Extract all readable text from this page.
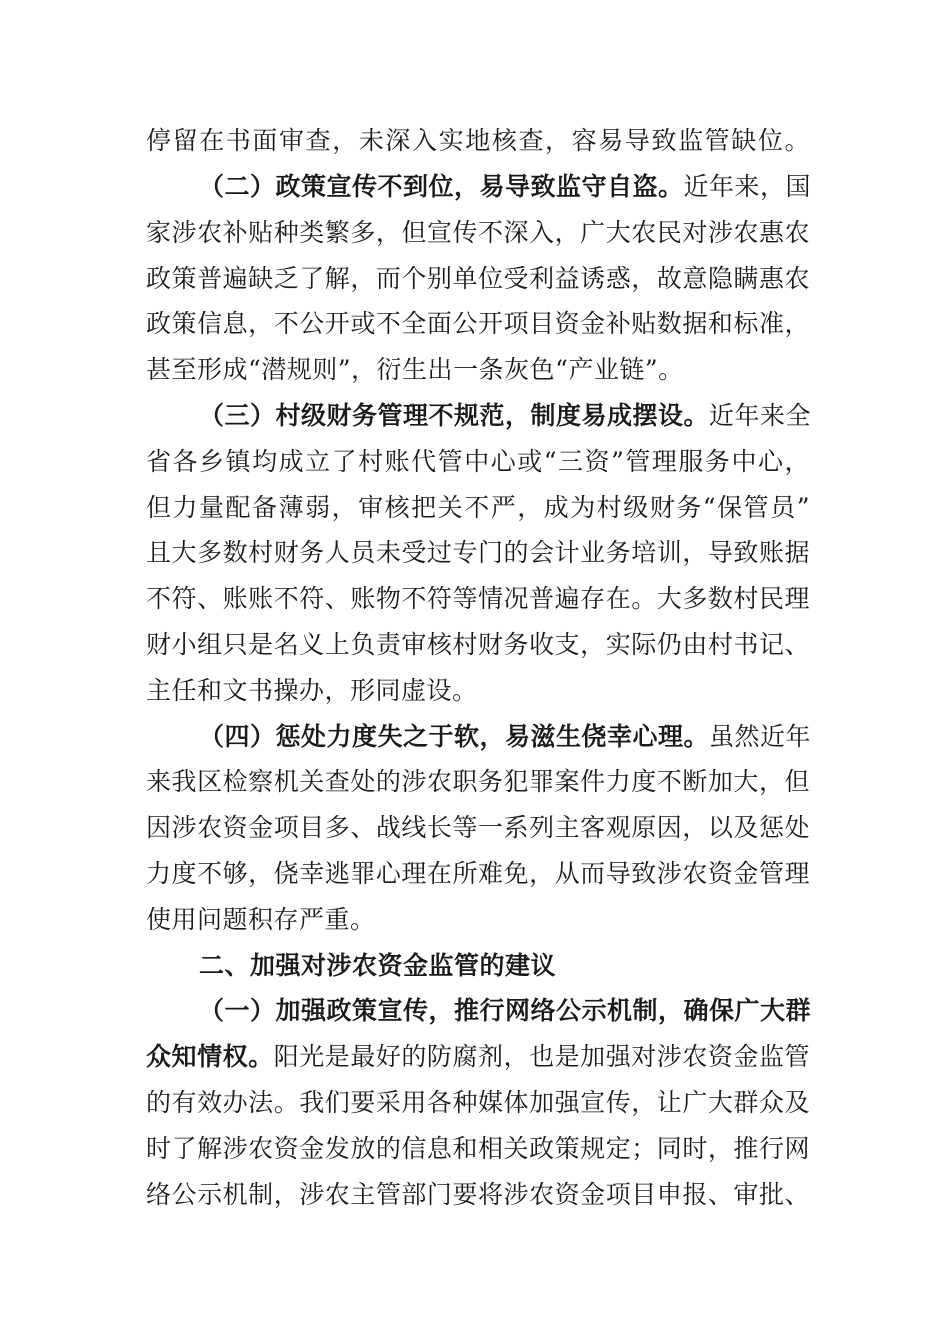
停留在书面审查，未深入实地核查，容易导致监管缺位。
（二）政策宣传不到位，易导致监守自盗。近年来，国
家涉农补贴种类繁多，但宣传不深入，广大农民对涉农惠农
政策普遍缺乏了解，而个别单位受利益诱惑，故意隐瞒惠农
政策信息，不公开或不全面公开项目资金补贴数据和标准，
甚至形成“潜规则”，衍生出一条灰色“产业链”。
（三）村级财务管理不规范，制度易成摆设。近年来全
省各乡镇均成立了村账代管中心或“三资”管理服务中心，
但力量配备薄弱，审核把关不严，成为村级财务“保管员”
且大多数村财务人员未受过专门的会计业务培训，导致账据
不符、账账不符、账物不符等情况普遍存在。大多数村民理
财小组只是名义上负责审核村财务收支，实际仍由村书记、
主任和文书操办，形同虚设。
（四）惩处力度失之于软，易滋生侥幸心理。虽然近年
来我区检察机关查处的涉农职务犯罪案件力度不断加大，但
因涉农资金项目多、战线长等一系列主客观原因，以及惩处
力度不够，侥幸逃罪心理在所难免，从而导致涉农资金管理
使用问题积存严重。
二、加强对涉农资金监管的建议
（一）加强政策宣传，推行网络公示机制，确保广大群
众知情权。阳光是最好的防腐剂，也是加强对涉农资金监管
的有效办法。我们要采用各种媒体加强宣传，让广大群众及
时了解涉农资金发放的信息和相关政策规定；同时，推行网
络公示机制，涉农主管部门要将涉农资金项目申报、审批、
